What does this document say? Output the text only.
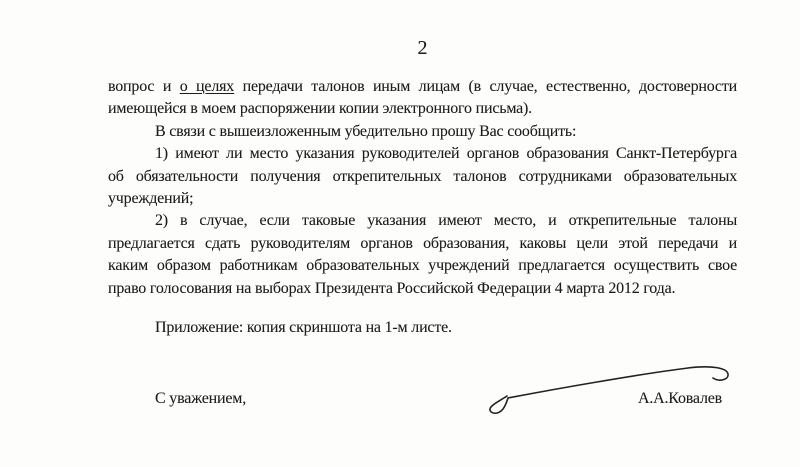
2
вопрос и о целях передачи талонов иным лицам (в случае, естественно, достоверности
имеющейся в моем распоряжении копии электронного письма).
В связи с вышеизложенным убедительно прошу Вас сообщить:
1) имеют ли место указания руководителей органов образования Санкт-Петербурга
об обязательности получения открепительных талонов сотрудниками образовательных
учреждений;
2) в случае, если таковые указания имеют место, и открепительные талоны
предлагается сдать руководителям органов образования, каковы цели этой передачи и
каким образом работникам образовательных учреждений предлагается осуществить свое
право голосования на выборах Президента Российской Федерации 4 марта 2012 года.
Приложение: копия скриншота на 1-м листе.
С уважением,	А.А.Ковалев
